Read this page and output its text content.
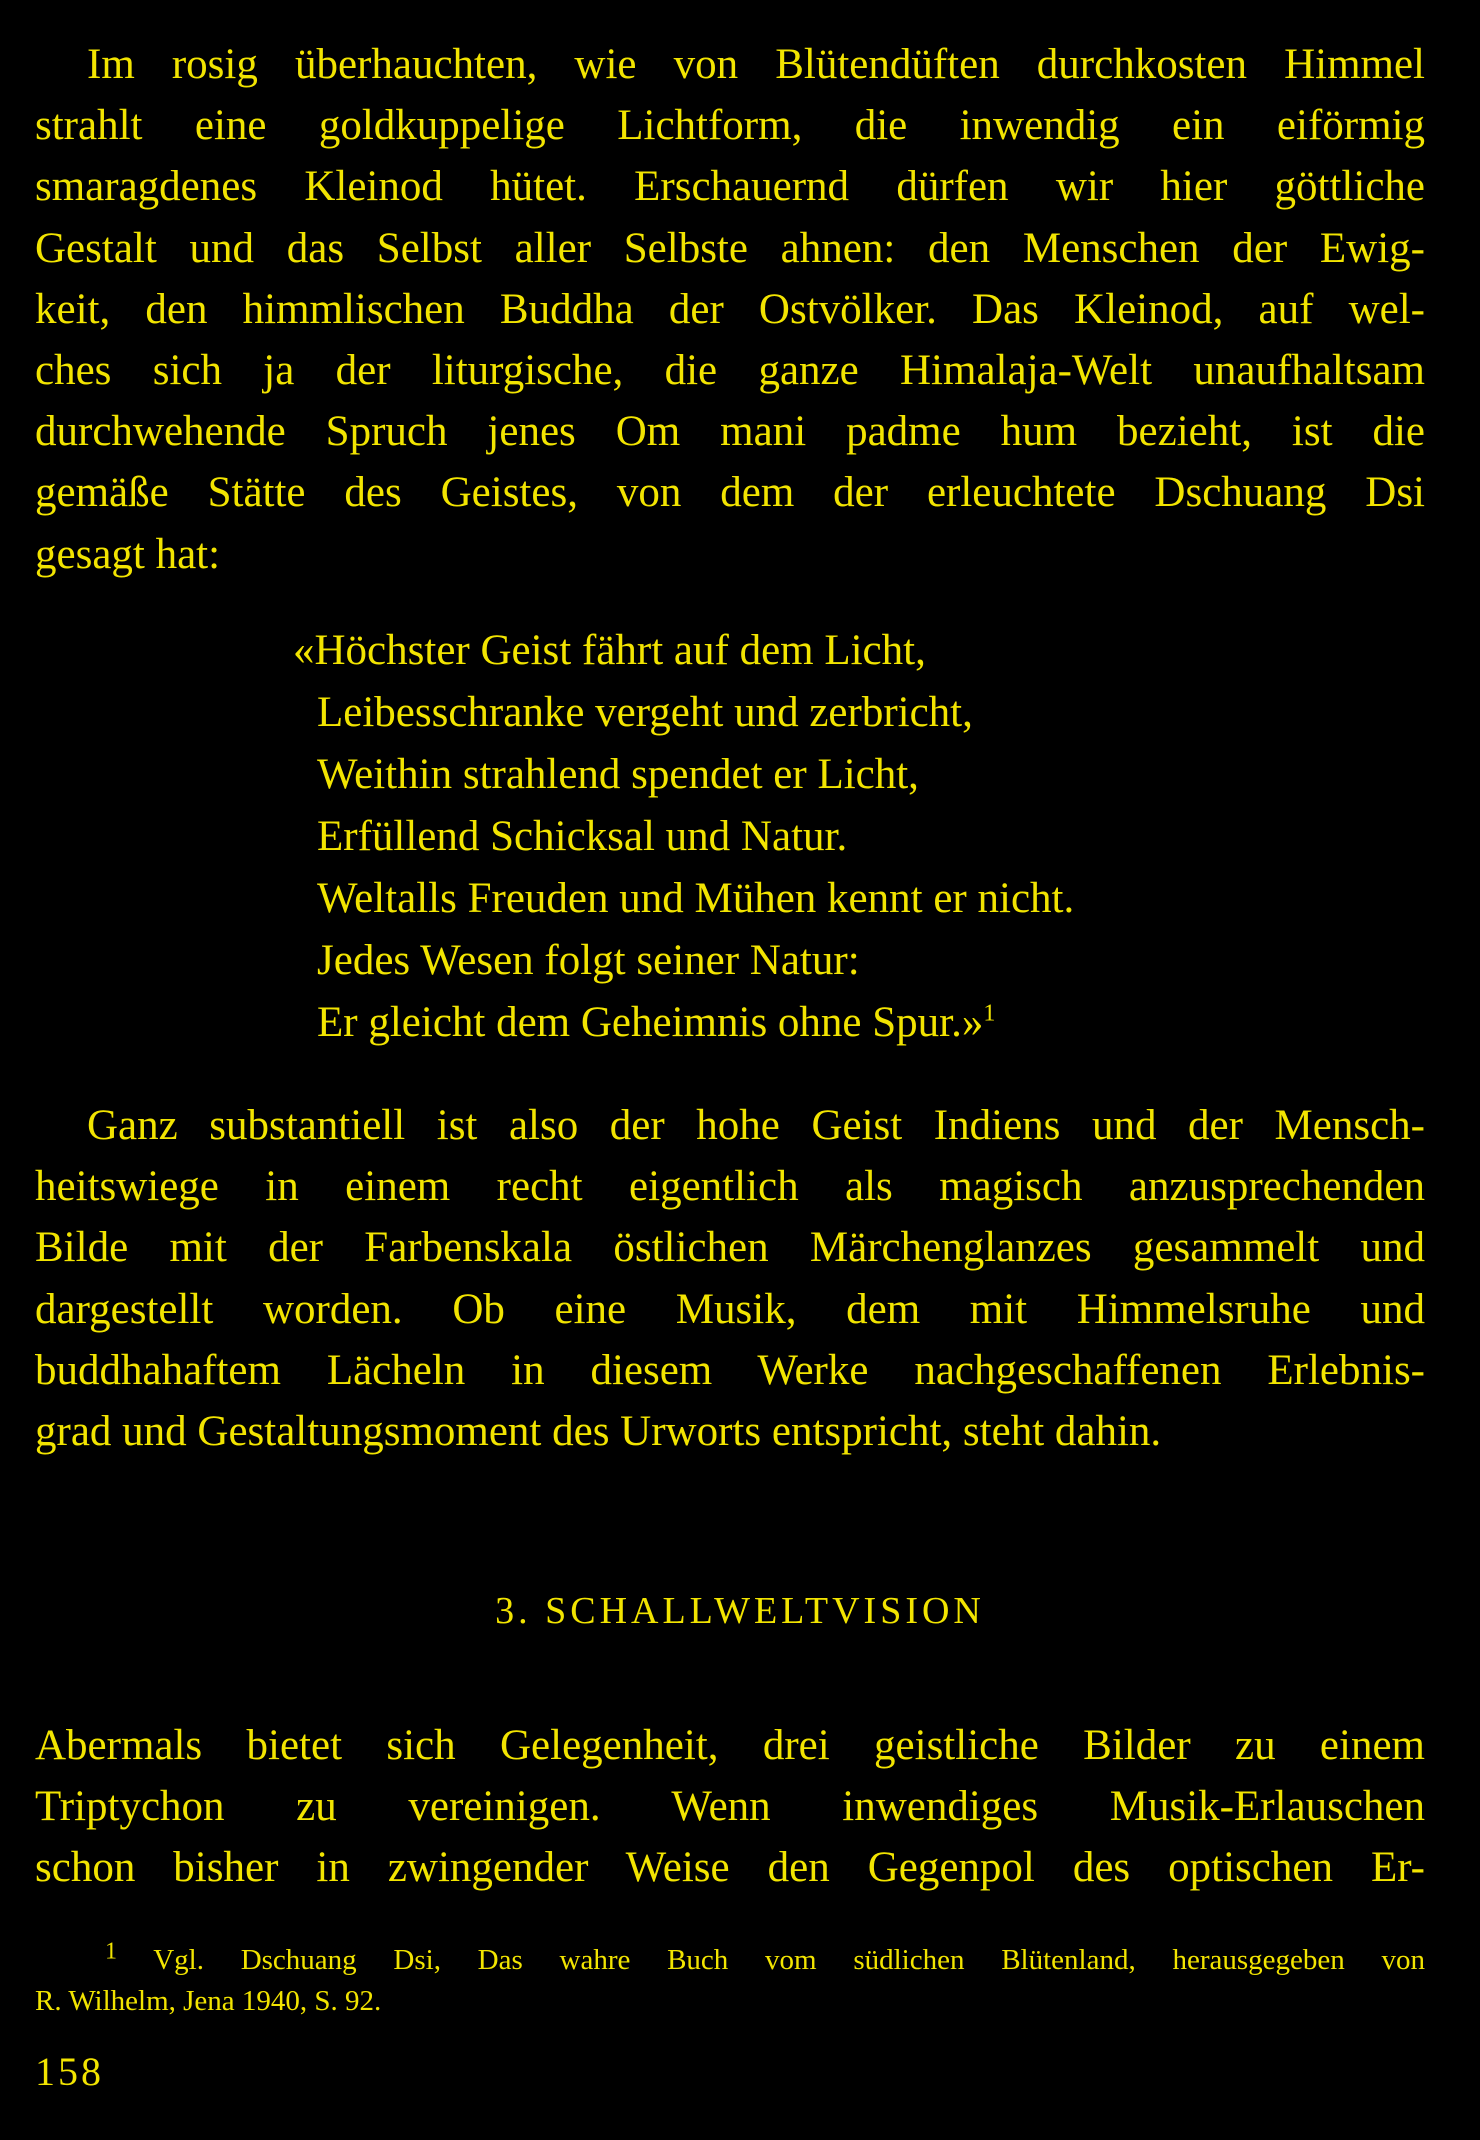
Im rosig überhauchten, wie von Blütendüften durchkosten Himmel
strahlt eine goldkuppelige Lichtform, die inwendig ein eiförmig
smaragdenes Kleinod hütet. Erschauernd dürfen wir hier göttliche
Gestalt und das Selbst aller Selbste ahnen: den Menschen der Ewig-
keit, den himmlischen Buddha der Ostvölker. Das Kleinod, auf wel-
ches sich ja der liturgische, die ganze Himalaja-Welt unaufhaltsam
durchwehende Spruch jenes Om mani padme hum bezieht, ist die
gemäße Stätte des Geistes, von dem der erleuchtete Dschuang Dsi
gesagt hat:
«Höchster Geist fährt auf dem Licht,
Leibesschranke vergeht und zerbricht,
Weithin strahlend spendet er Licht,
Erfüllend Schicksal und Natur.
Weltalls Freuden und Mühen kennt er nicht.
Jedes Wesen folgt seiner Natur:
Er gleicht dem Geheimnis ohne Spur.»$^1$
Ganz substantiell ist also der hohe Geist Indiens und der Mensch-
heitswiege in einem recht eigentlich als magisch anzusprechenden
Bilde mit der Farbenskala östlichen Märchenglanzes gesammelt und
dargestellt worden. Ob eine Musik, dem mit Himmelsruhe und
buddhahaftem Lächeln in diesem Werke nachgeschaffenen Erlebnis-
grad und Gestaltungsmoment des Urworts entspricht, steht dahin.
3. SCHALLWELTVISION
Abermals bietet sich Gelegenheit, drei geistliche Bilder zu einem
Triptychon zu vereinigen. Wenn inwendiges Musik-Erlauschen
schon bisher in zwingender Weise den Gegenpol des optischen Er-
$^1$ Vgl. Dschuang Dsi, Das wahre Buch vom südlichen Blütenland, herausgegeben von
R. Wilhelm, Jena 1940, S. 92.
158
